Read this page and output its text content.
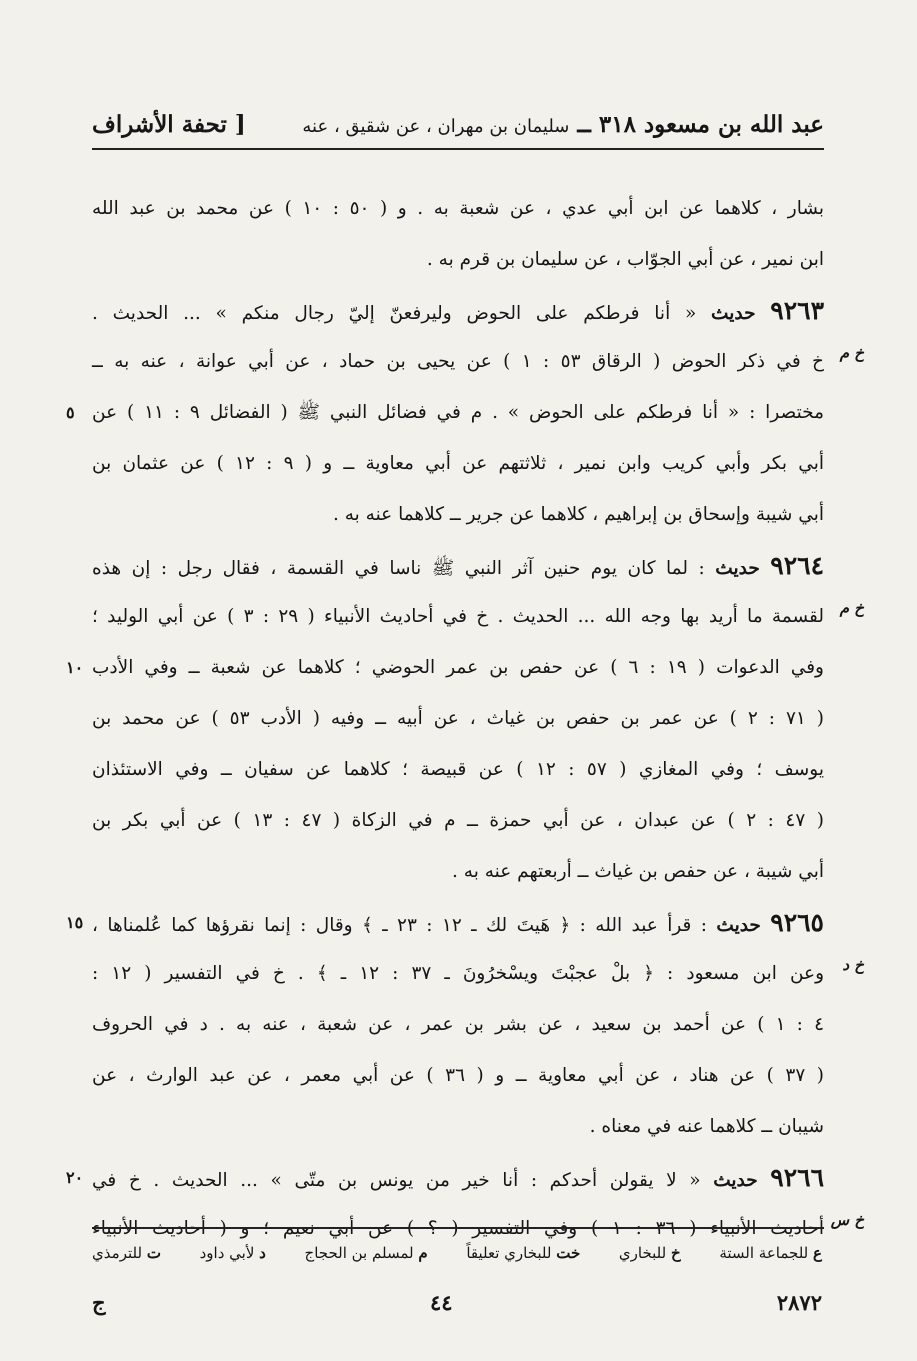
عبد الله بن مسعود ٣١٨ ــ سليمان بن مهران ، عن شقيق ، عنه
[ تحفة الأشراف
بشار ، كلاهما عن ابن أبي عدي ، عن شعبة به . و ( ٥٠ : ١٠ ) عن محمد بن عبد الله
ابن نمير ، عن أبي الجوّاب ، عن سليمان بن قرم به .
٩٢٦٣ حديث « أنا فرطكم على الحوض وليرفعنّ إليّ رجال منكم » ... الحديث .
خ في ذكر الحوض ( الرقاق ٥٣ : ١ ) عن يحيى بن حماد ، عن أبي عوانة ، عنه به ــ خ م
مختصرا : « أنا فرطكم على الحوض » . م في فضائل النبي ﷺ ( الفضائل ٩ : ١١ ) عن
٥
أبي بكر وأبي كريب وابن نمير ، ثلاثتهم عن أبي معاوية ــ و ( ٩ : ١٢ ) عن عثمان بن
أبي شيبة وإسحاق بن إبراهيم ، كلاهما عن جرير ــ كلاهما عنه به .
٩٢٦٤ حديث : لما كان يوم حنين آثر النبي ﷺ ناسا في القسمة ، فقال رجل : إن هذه
لقسمة ما أريد بها وجه الله ... الحديث . خ في أحاديث الأنبياء ( ٢٩ : ٣ ) عن أبي الوليد ؛ خ م
وفي الدعوات ( ١٩ : ٦ ) عن حفص بن عمر الحوضي ؛ كلاهما عن شعبة ــ وفي الأدب
١٠
( ٧١ : ٢ ) عن عمر بن حفص بن غياث ، عن أبيه ــ وفيه ( الأدب ٥٣ ) عن محمد بن
يوسف ؛ وفي المغازي ( ٥٧ : ١٢ ) عن قبيصة ؛ كلاهما عن سفيان ــ وفي الاستئذان
( ٤٧ : ٢ ) عن عبدان ، عن أبي حمزة ــ م في الزكاة ( ٤٧ : ١٣ ) عن أبي بكر بن
أبي شيبة ، عن حفص بن غياث ــ أربعتهم عنه به .
٩٢٦٥ حديث : قرأ عبد الله : ﴿ هَيتَ لك ـ ١٢ : ٢٣ ـ ﴾ وقال : إنما نقرؤها كما عُلمناها ،
١٥
وعن ابن مسعود : ﴿ بلْ عجبْتَ ويسْخرُونَ ـ ٣٧ : ١٢ ـ ﴾ . خ في التفسير ( ١٢ : خ د
٤ : ١ ) عن أحمد بن سعيد ، عن بشر بن عمر ، عن شعبة ، عنه به . د في الحروف
( ٣٧ ) عن هناد ، عن أبي معاوية ــ و ( ٣٦ ) عن أبي معمر ، عن عبد الوارث ، عن
شيبان ــ كلاهما عنه في معناه .
٩٢٦٦ حديث « لا يقولن أحدكم : أنا خير من يونس بن متّى » ... الحديث . خ في
٢٠
أحاديث الأنبياء ( ٣٦ : ١ ) وفي التفسير ( ؟ ) عن أبي نعيم ؛ و ( أحاديث الأنبياء خ س
ع للجماعة الستة
خ للبخاري
خت للبخاري تعليقاً
م لمسلم بن الحجاج
د لأبي داود
ت للترمذي
٢٨٧٢
٤٤
ج
